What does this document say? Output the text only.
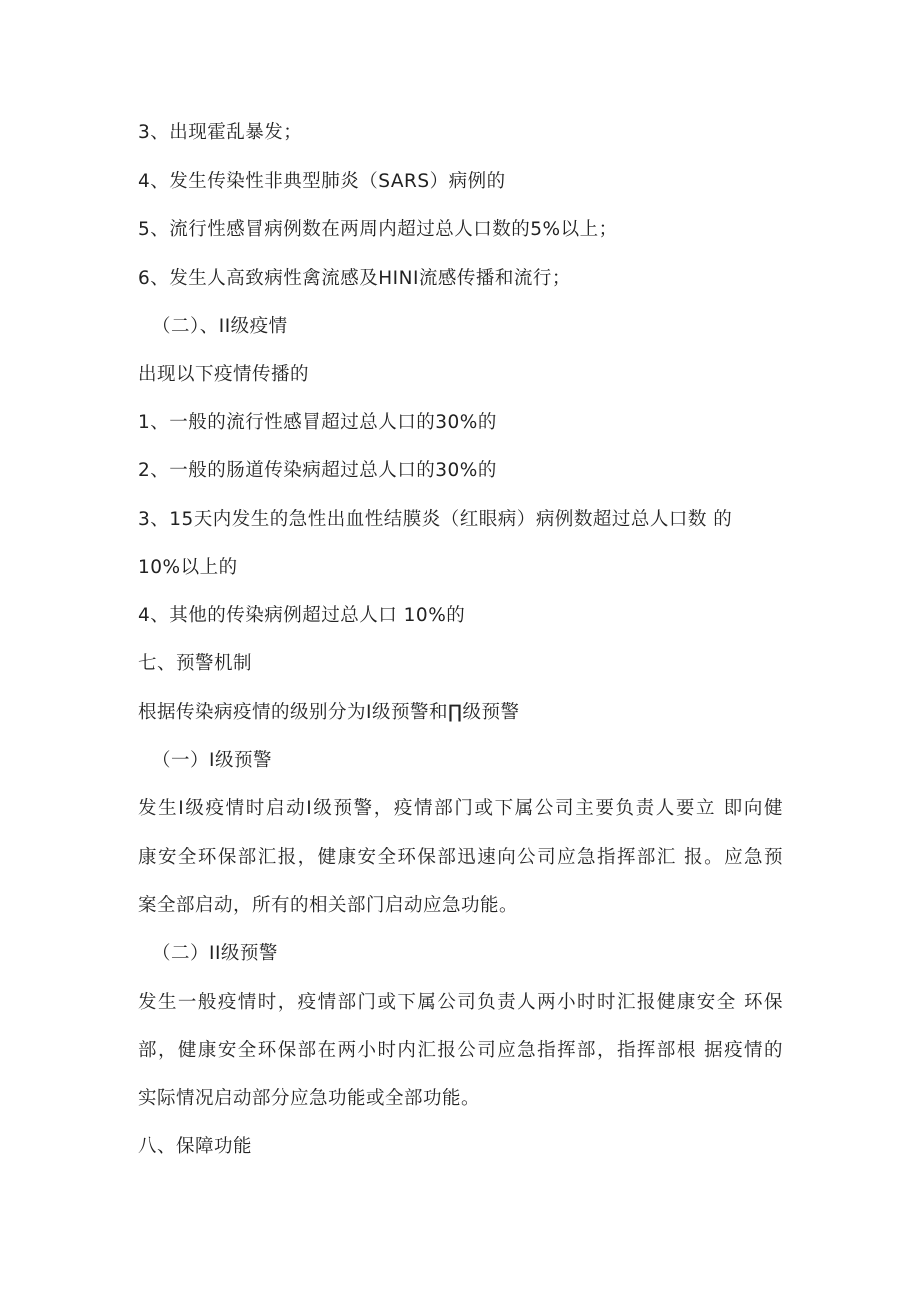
3、出现霍乱暴发；

4、发生传染性非典型肺炎（SARS）病例的

5、流行性感冒病例数在两周内超过总人口数的5%以上；

6、发生人高致病性禽流感及HINI流感传播和流行；

（二）、II级疫情

出现以下疫情传播的

1、一般的流行性感冒超过总人口的30%的

2、一般的肠道传染病超过总人口的30%的

3、15天内发生的急性出血性结膜炎（红眼病）病例数超过总人口数 的

10%以上的

4、其他的传染病例超过总人口 10%的

七、预警机制

根据传染病疫情的级别分为I级预警和∏级预警

（一）I级预警

发生I级疫情时启动I级预警，疫情部门或下属公司主要负责人要立 即向健

康安全环保部汇报，健康安全环保部迅速向公司应急指挥部汇 报。应急预

案全部启动，所有的相关部门启动应急功能。

（二）II级预警

发生一般疫情时，疫情部门或下属公司负责人两小时时汇报健康安全 环保

部，健康安全环保部在两小时内汇报公司应急指挥部，指挥部根 据疫情的

实际情况启动部分应急功能或全部功能。

八、保障功能
